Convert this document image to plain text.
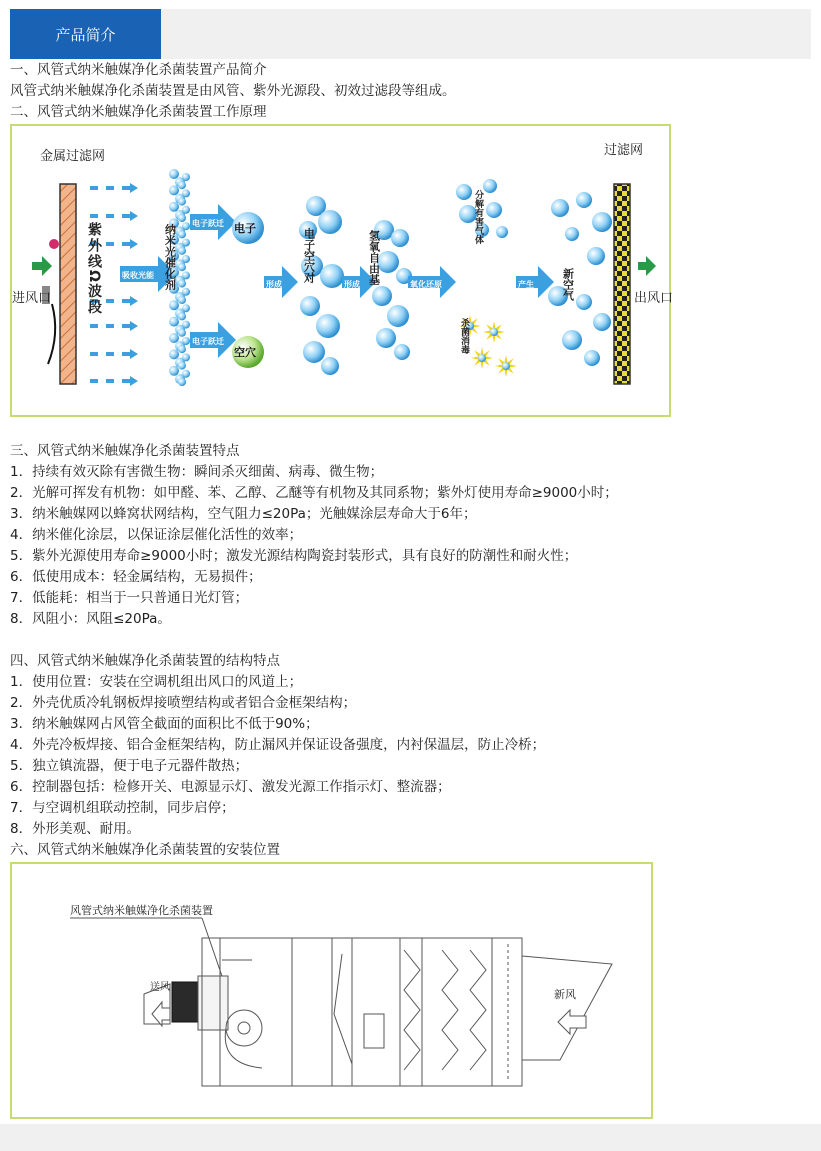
产品简介
一、风管式纳米触媒净化杀菌装置产品简介
风管式纳米触媒净化杀菌装置是由风管、紫外光源段、初效过滤段等组成。
二、风管式纳米触媒净化杀菌装置工作原理
金属过滤网
进风口 紫外线Ω波段	吸收光能 纳米光催化剂
电子跃迁
电子跃迁
电子
空穴
形成
电子空穴对
形成 氢氧自由基	氧化还原
分解有害气体
杀菌消毒
产生	新空气
过滤网
出风口
三、风管式纳米触媒净化杀菌装置特点
1．持续有效灭除有害微生物：瞬间杀灭细菌、病毒、微生物；
2．光解可挥发有机物：如甲醛、苯、乙醇、乙醚等有机物及其同系物；紫外灯使用寿命≥9000小时；
3．纳米触媒网以蜂窝状网结构，空气阻力≤20Pa；光触媒涂层寿命大于6年；
4．纳米催化涂层，以保证涂层催化活性的效率；
5．紫外光源使用寿命≥9000小时；激发光源结构陶瓷封装形式，具有良好的防潮性和耐火性；
6．低使用成本：轻金属结构，无易损件；
7．低能耗：相当于一只普通日光灯管；
8．风阻小：风阻≤20Pa。
四、风管式纳米触媒净化杀菌装置的结构特点
1．使用位置：安装在空调机组出风口的风道上；
2．外壳优质冷轧钢板焊接喷塑结构或者铝合金框架结构；
3．纳米触媒网占风管全截面的面积比不低于90%；
4．外壳冷板焊接、铝合金框架结构，防止漏风并保证设备强度，内衬保温层，防止冷桥；
5．独立镇流器，便于电子元器件散热；
6．控制器包括：检修开关、电源显示灯、激发光源工作指示灯、整流器；
7．与空调机组联动控制，同步启停；
8．外形美观、耐用。
六、风管式纳米触媒净化杀菌装置的安装位置
风管式纳米触媒净化杀菌装置
送风
新风
